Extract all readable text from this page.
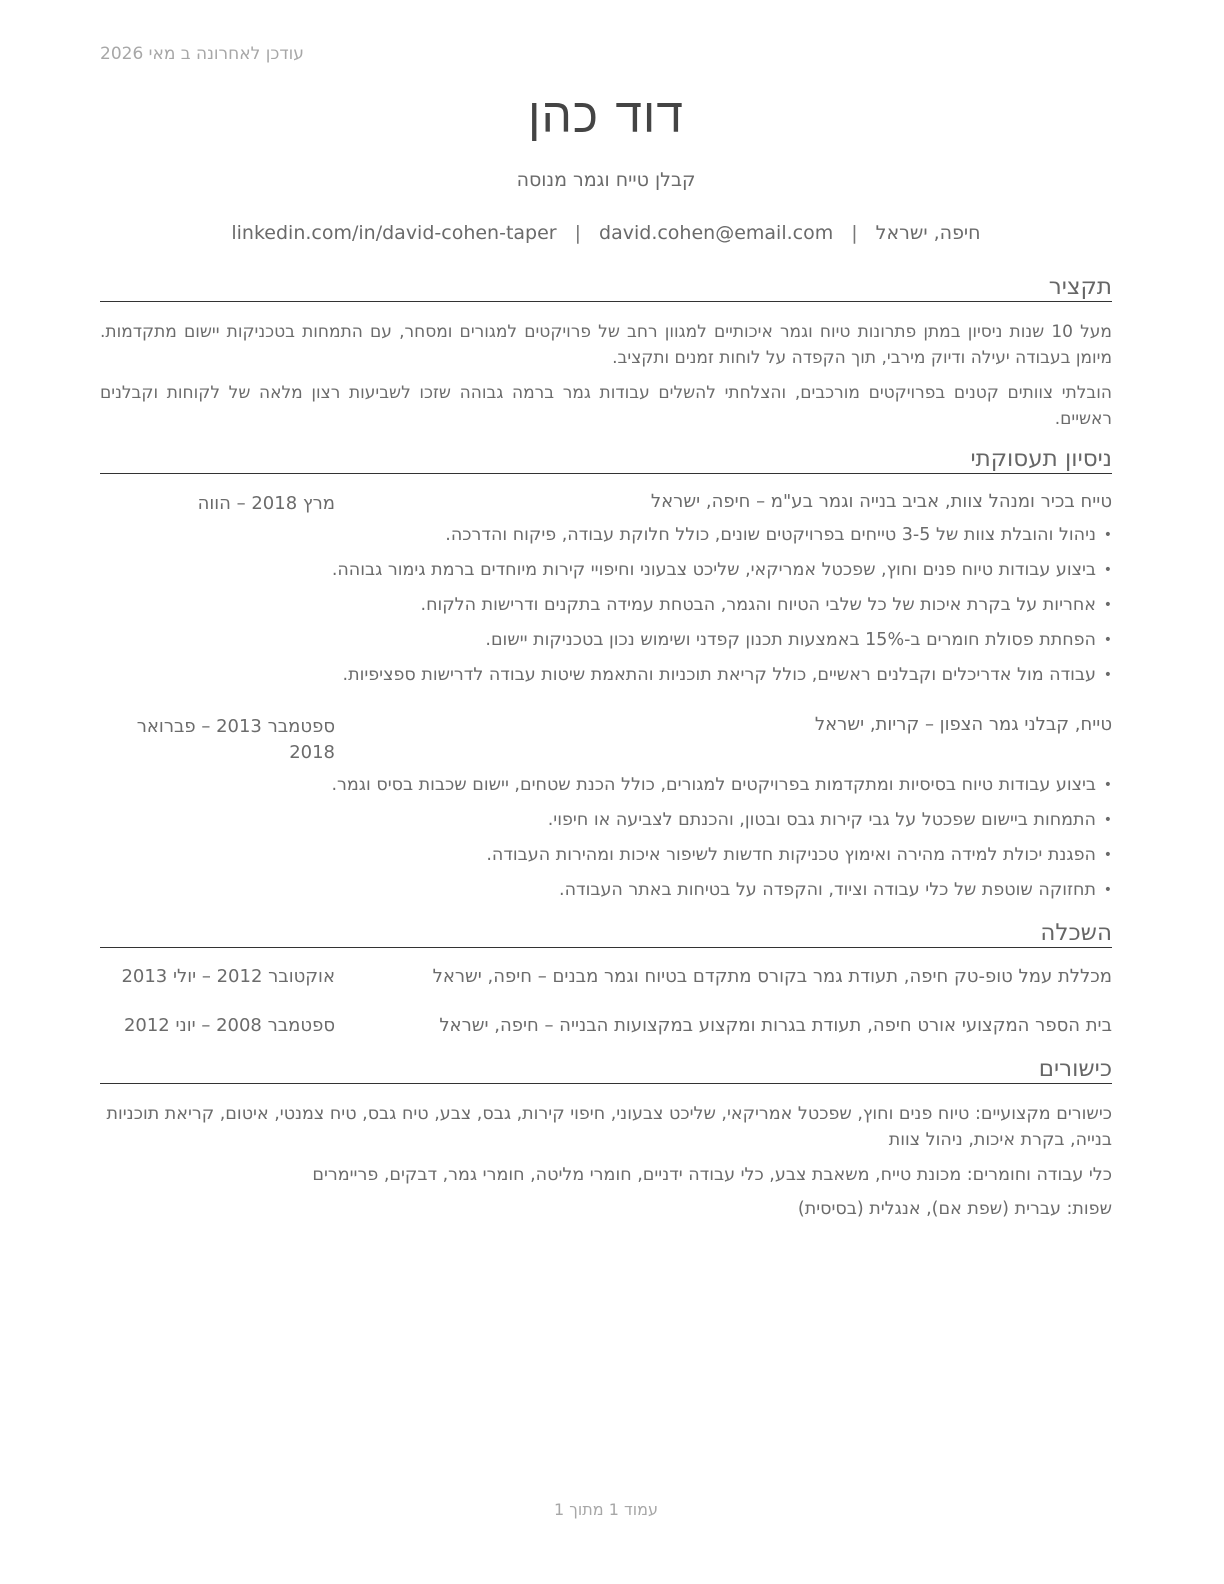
עודכן לאחרונה ב מאי 2026
דוד כהן
קבלן טייח וגמר מנוסה
חיפה, ישראל|david.cohen@email.com|linkedin.com/in/david-cohen-taper
תקציר
מעל 10 שנות ניסיון במתן פתרונות טיוח וגמר איכותיים למגוון רחב של פרויקטים למגורים ומסחר, עם התמחות בטכניקות יישום מתקדמות. מיומן בעבודה יעילה ודיוק מירבי, תוך הקפדה על לוחות זמנים ותקציב.
הובלתי צוותים קטנים בפרויקטים מורכבים, והצלחתי להשלים עבודות גמר ברמה גבוהה שזכו לשביעות רצון מלאה של לקוחות וקבלנים ראשיים.
ניסיון תעסוקתי
טייח בכיר ומנהל צוות, אביב בנייה וגמר בע"מ – חיפה, ישראל
מרץ 2018 – הווה
• ניהול והובלת צוות של 3-5 טייחים בפרויקטים שונים, כולל חלוקת עבודה, פיקוח והדרכה.
• ביצוע עבודות טיוח פנים וחוץ, שפכטל אמריקאי, שליכט צבעוני וחיפויי קירות מיוחדים ברמת גימור גבוהה.
• אחריות על בקרת איכות של כל שלבי הטיוח והגמר, הבטחת עמידה בתקנים ודרישות הלקוח.
• הפחתת פסולת חומרים ב-15% באמצעות תכנון קפדני ושימוש נכון בטכניקות יישום.
• עבודה מול אדריכלים וקבלנים ראשיים, כולל קריאת תוכניות והתאמת שיטות עבודה לדרישות ספציפיות.
טייח, קבלני גמר הצפון – קריות, ישראל
ספטמבר 2013 – פברואר 2018
• ביצוע עבודות טיוח בסיסיות ומתקדמות בפרויקטים למגורים, כולל הכנת שטחים, יישום שכבות בסיס וגמר.
• התמחות ביישום שפכטל על גבי קירות גבס ובטון, והכנתם לצביעה או חיפוי.
• הפגנת יכולת למידה מהירה ואימוץ טכניקות חדשות לשיפור איכות ומהירות העבודה.
• תחזוקה שוטפת של כלי עבודה וציוד, והקפדה על בטיחות באתר העבודה.
השכלה
מכללת עמל טופ-טק חיפה, תעודת גמר בקורס מתקדם בטיוח וגמר מבנים – חיפה, ישראל
אוקטובר 2012 – יולי 2013
בית הספר המקצועי אורט חיפה, תעודת בגרות ומקצוע במקצועות הבנייה – חיפה, ישראל
ספטמבר 2008 – יוני 2012
כישורים
כישורים מקצועיים: טיוח פנים וחוץ, שפכטל אמריקאי, שליכט צבעוני, חיפוי קירות, גבס, צבע, טיח גבס, טיח צמנטי, איטום, קריאת תוכניות בנייה, בקרת איכות, ניהול צוות
כלי עבודה וחומרים: מכונת טייח, משאבת צבע, כלי עבודה ידניים, חומרי מליטה, חומרי גמר, דבקים, פריימרים
שפות: עברית (שפת אם), אנגלית (בסיסית)
עמוד 1 מתוך 1
